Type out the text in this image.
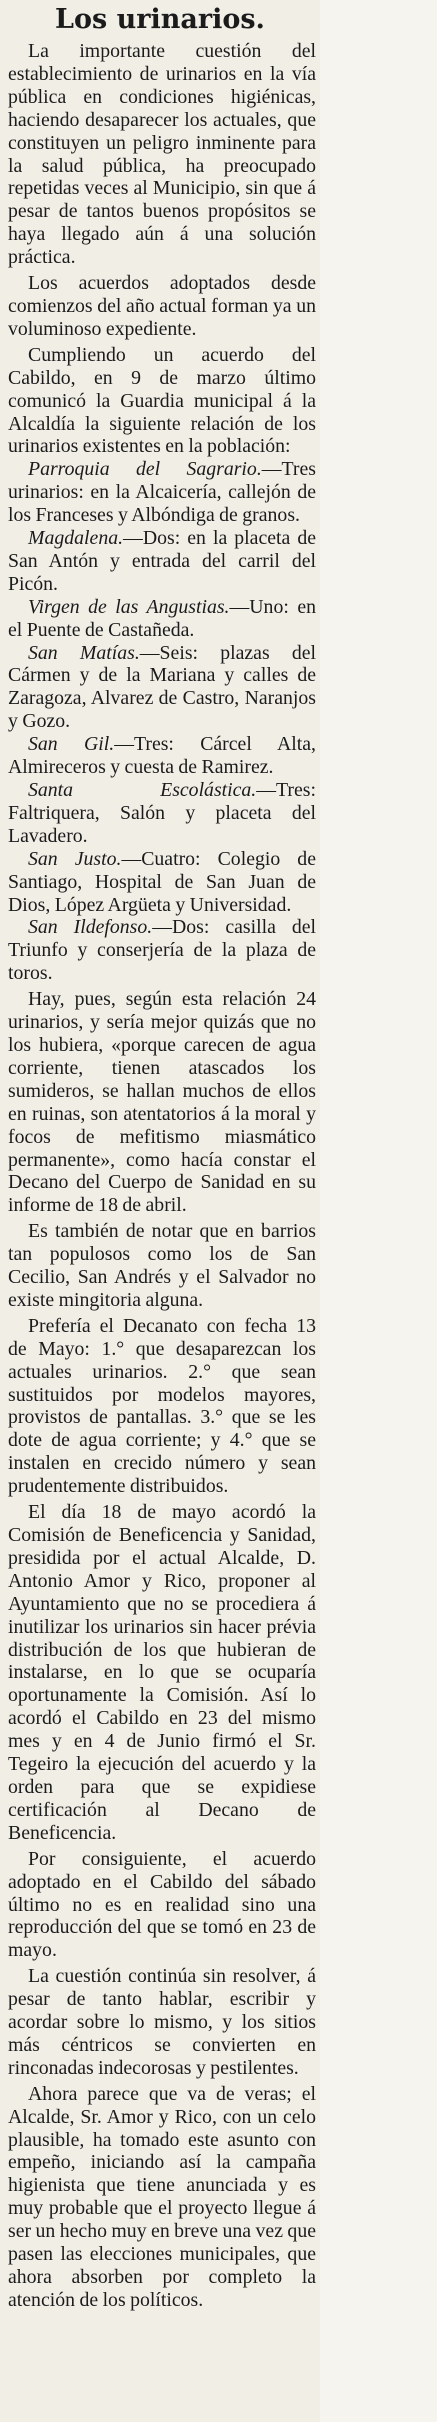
Los urinarios.

La importante cuestión del establecimiento de urinarios en la vía pública en condiciones higiénicas, haciendo desaparecer los actuales, que constituyen un peligro inminente para la salud pública, ha preocupado repetidas veces al Municipio, sin que á pesar de tantos buenos propósitos se haya llegado aún á una solución práctica.

Los acuerdos adoptados desde comienzos del año actual forman ya un voluminoso expediente.

Cumpliendo un acuerdo del Cabildo, en 9 de marzo último comunicó la Guardia municipal á la Alcaldía la siguiente relación de los urinarios existentes en la población:

Parroquia del Sagrario.—Tres urinarios: en la Alcaicería, callejón de los Franceses y Albóndiga de granos.

Magdalena.—Dos: en la placeta de San Antón y entrada del carril del Picón.

Virgen de las Angustias.—Uno: en el Puente de Castañeda.

San Matías.—Seis: plazas del Cármen y de la Mariana y calles de Zaragoza, Alvarez de Castro, Naranjos y Gozo.

San Gil.—Tres: Cárcel Alta, Almireceros y cuesta de Ramirez.

Santa Escolástica.—Tres: Faltriquera, Salón y placeta del Lavadero.

San Justo.—Cuatro: Colegio de Santiago, Hospital de San Juan de Dios, López Argüeta y Universidad.

San Ildefonso.—Dos: casilla del Triunfo y conserjería de la plaza de toros.

Hay, pues, según esta relación 24 urinarios, y sería mejor quizás que no los hubiera, «porque carecen de agua corriente, tienen atascados los sumideros, se hallan muchos de ellos en ruinas, son atentatorios á la moral y focos de mefitismo miasmático permanente», como hacía constar el Decano del Cuerpo de Sanidad en su informe de 18 de abril.

Es también de notar que en barrios tan populosos como los de San Cecilio, San Andrés y el Salvador no existe mingitoria alguna.

Prefería el Decanato con fecha 13 de Mayo: 1.° que desaparezcan los actuales urinarios. 2.° que sean sustituidos por modelos mayores, provistos de pantallas. 3.° que se les dote de agua corriente; y 4.° que se instalen en crecido número y sean prudentemente distribuidos.

El día 18 de mayo acordó la Comisión de Beneficencia y Sanidad, presidida por el actual Alcalde, D. Antonio Amor y Rico, proponer al Ayuntamiento que no se procediera á inutilizar los urinarios sin hacer prévia distribución de los que hubieran de instalarse, en lo que se ocuparía oportunamente la Comisión. Así lo acordó el Cabildo en 23 del mismo mes y en 4 de Junio firmó el Sr. Tegeiro la ejecución del acuerdo y la orden para que se expidiese certificación al Decano de Beneficencia.

Por consiguiente, el acuerdo adoptado en el Cabildo del sábado último no es en realidad sino una reproducción del que se tomó en 23 de mayo.

La cuestión continúa sin resolver, á pesar de tanto hablar, escribir y acordar sobre lo mismo, y los sitios más céntricos se convierten en rinconadas indecorosas y pestilentes.

Ahora parece que va de veras; el Alcalde, Sr. Amor y Rico, con un celo plausible, ha tomado este asunto con empeño, iniciando así la campaña higienista que tiene anunciada y es muy probable que el proyecto llegue á ser un hecho muy en breve una vez que pasen las elecciones municipales, que ahora absorben por completo la atención de los políticos.
